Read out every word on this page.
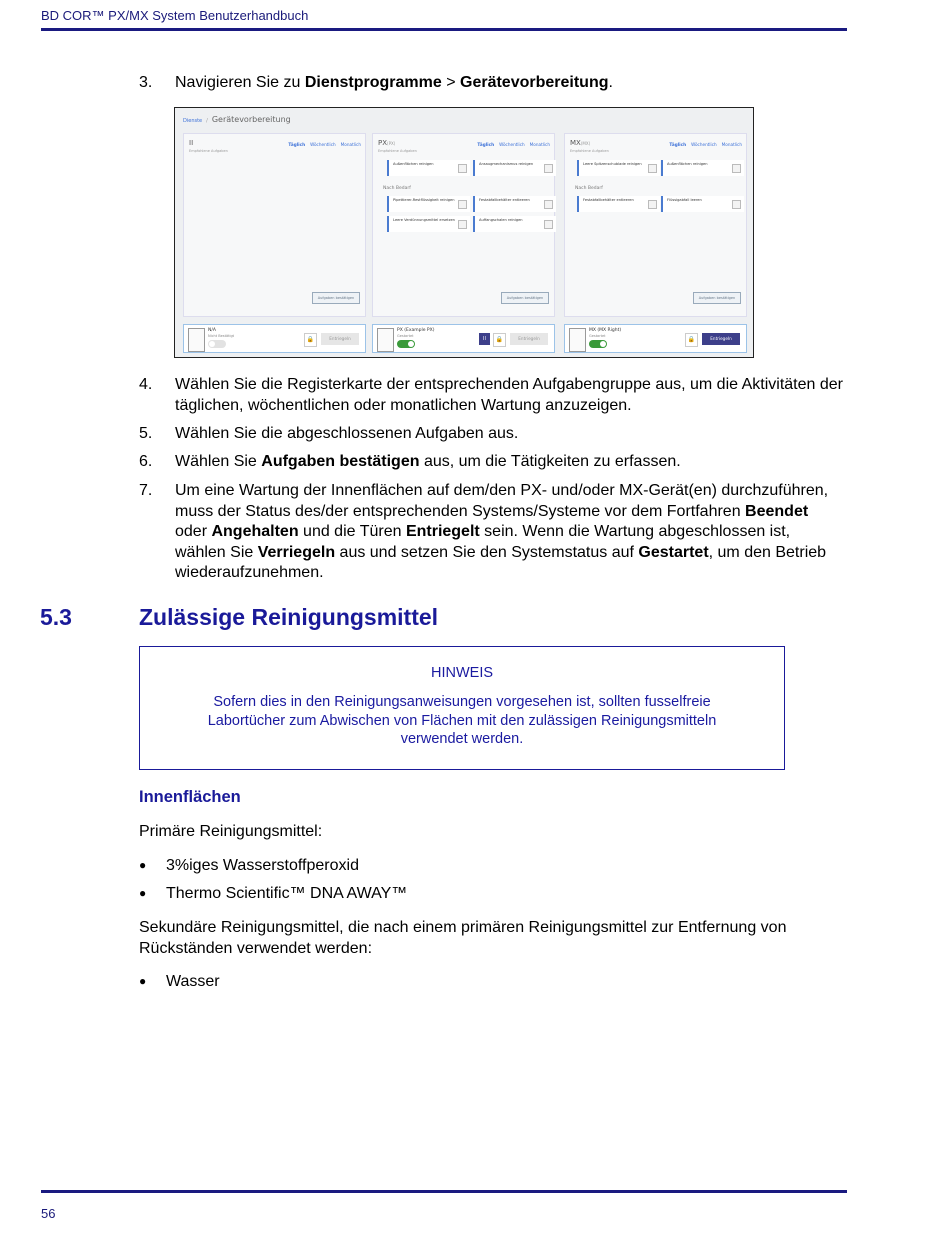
BD COR™ PX/MX System Benutzerhandbuch
3. Navigieren Sie zu Dienstprogramme > Gerätevorbereitung.
Dienste / Gerätevorbereitung
II
Empfohlene Aufgaben
Täglich Wöchentlich Monatlich
Aufgaben bestätigen
PX(PX)
Empfohlene Aufgaben
Täglich Wöchentlich Monatlich
Außenflächen reinigen	Ansaugmechanismus reinigen
Nach Bedarf
Pipettierer-Restflüssigkeit reinigen	Festabfallbehälter entleeren
Leere Verdünnungsmittel ersetzen	Auffangschalen reinigen
Aufgaben bestätigen
MX(MX)
Empfohlene Aufgaben
Täglich Wöchentlich Monatlich
Leere Spitzenschublade reinigen	Außenflächen reinigen
Nach Bedarf
Festabfallbehälter entleeren	Flüssigabfall leeren
Aufgaben bestätigen
N/A
Nicht Bestätigt	🔒	Entriegeln
PX (Example PX)
Gestartet	II	🔒	Entriegeln
MX (MX Right)
Gestartet	🔒	Entriegeln
4. Wählen Sie die Registerkarte der entsprechenden Aufgabengruppe aus, um die Aktivitäten der täglichen, wöchentlichen oder monatlichen Wartung anzuzeigen.
5. Wählen Sie die abgeschlossenen Aufgaben aus.
6. Wählen Sie Aufgaben bestätigen aus, um die Tätigkeiten zu erfassen.
7. Um eine Wartung der Innenflächen auf dem/den PX- und/oder MX-Gerät(en) durchzuführen, muss der Status des/der entsprechenden Systems/Systeme vor dem Fortfahren Beendet oder Angehalten und die Türen Entriegelt sein. Wenn die Wartung abgeschlossen ist, wählen Sie Verriegeln aus und setzen Sie den Systemstatus auf Gestartet, um den Betrieb wiederaufzunehmen.
5.3	Zulässige Reinigungsmittel
HINWEIS
Sofern dies in den Reinigungsanweisungen vorgesehen ist, sollten fusselfreie Labortücher zum Abwischen von Flächen mit den zulässigen Reinigungsmitteln verwendet werden.
Innenflächen
Primäre Reinigungsmittel:
● 3%iges Wasserstoffperoxid
● Thermo Scientific™ DNA AWAY™
Sekundäre Reinigungsmittel, die nach einem primären Reinigungsmittel zur Entfernung von Rückständen verwendet werden:
● Wasser
56
